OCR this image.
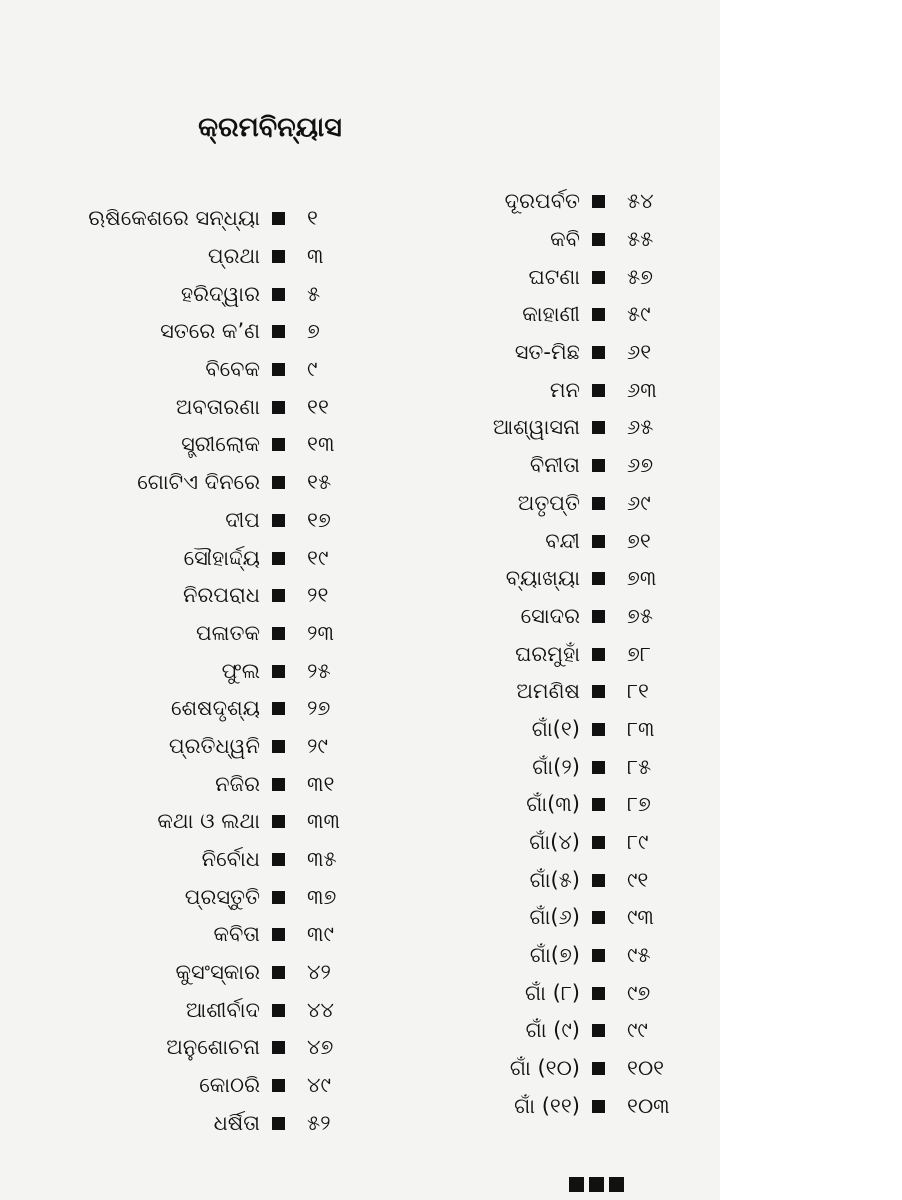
କ୍ରମବିନ୍ୟାସ
ଋଷିକେଶରେ ସନ୍ଧ୍ୟା ୧
ପ୍ରଥା ୩
ହରିଦ୍ୱାର ୫
ସତରେ କ’ଣ ୭
ବିବେକ ୯
ଅବତାରଣା ୧୧
ସ୍ତ୍ରୀଲୋକ ୧୩
ଗୋଟିଏ ଦିନରେ ୧୫
ଦୀପ ୧୭
ସୌହାର୍ଦ୍ଦ୍ୟ ୧୯
ନିରପରାଧ ୨୧
ପଳାତକ ୨୩
ଫୁଲ ୨୫
ଶେଷଦୃଶ୍ୟ ୨୭
ପ୍ରତିଧ୍ୱନି ୨୯
ନଜିର ୩୧
କଥା ଓ ଲଥା ୩୩
ନିର୍ବୋଧ ୩୫
ପ୍ରସ୍ତୁତି ୩୭
କବିତା ୩୯
କୁସଂସ୍କାର ୪୨
ଆଶୀର୍ବାଦ ୪୪
ଅନୁଶୋଚନା ୪୭
କୋଠରି ୪୯
ଧର୍ଷିତା ୫୨
ଦୂରପର୍ବତ ୫୪
କବି ୫୫
ଘଟଣା ୫୭
କାହାଣୀ ୫୯
ସତ-ମିଛ ୬୧
ମନ ୬୩
ଆଶ୍ୱାସନା ୬୫
ବିନୀତା ୬୭
ଅତୃପ୍ତି ୬୯
ବନ୍ଦୀ ୭୧
ବ୍ୟାଖ୍ୟା ୭୩
ସୋଦର ୭୫
ଘରମୁହାଁ ୭୮
ଅମଣିଷ ୮୧
ଗାଁ(୧) ୮୩
ଗାଁ(୨) ୮୫
ଗାଁ(୩) ୮୭
ଗାଁ(୪) ୮୯
ଗାଁ(୫) ୯୧
ଗାଁ(୬) ୯୩
ଗାଁ(୭) ୯୫
ଗାଁ (୮) ୯୭
ଗାଁ (୯) ୯୯
ଗାଁ (୧୦) ୧୦୧
ଗାଁ (୧୧) ୧୦୩
